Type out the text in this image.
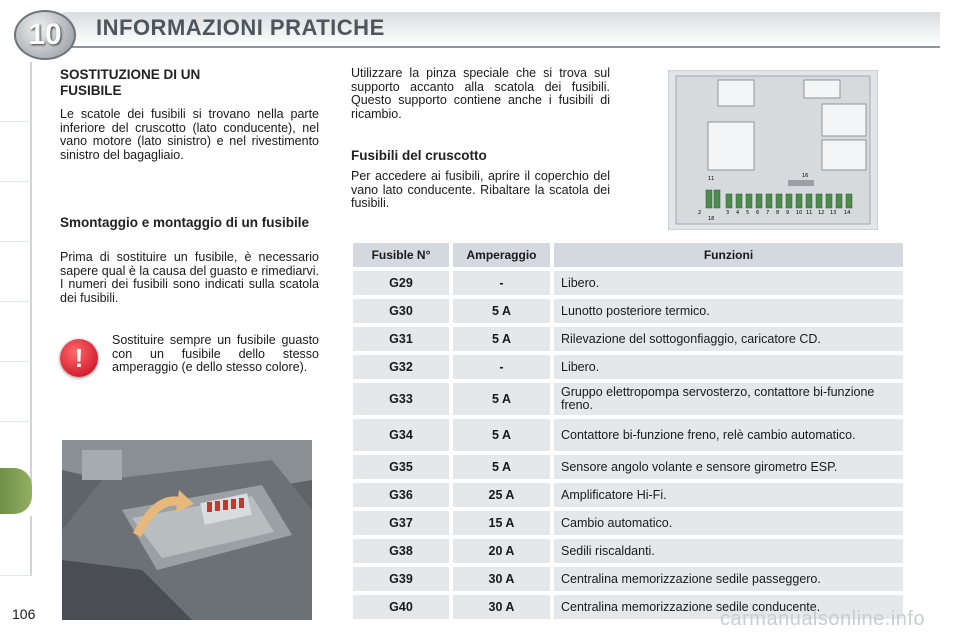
10	INFORMAZIONI PRATICHE
SOSTITUZIONE DI UN FUSIBILE
Le scatole dei fusibili si trovano nella parte inferiore del cruscotto (lato conducente), nel vano motore (lato sinistro) e nel rivestimento sinistro del bagagliaio.
Smontaggio e montaggio di un fusibile
Prima di sostituire un fusibile, è necessario sapere qual è la causa del guasto e rimediarvi. I numeri dei fusibili sono indicati sulla scatola dei fusibili.
!
Sostituire sempre un fusibile guasto con un fusibile dello stesso amperaggio (e dello stesso colore).
Utilizzare la pinza speciale che si trova sul supporto accanto alla scatola dei fusibili. Questo supporto contiene anche i fusibili di ricambio.
Fusibili del cruscotto
Per accedere ai fusibili, aprire il coperchio del vano lato conducente. Ribaltare la scatola dei fusibili.
11	16
18
2	3 4 5 6 7 8 9 10 11 12 13 14
Fusible N°	Amperaggio	Funzioni
G29	-	Libero.
G30	5 A	Lunotto posteriore termico.
G31	5 A	Rilevazione del sottogonfiaggio, caricatore CD.
G32	-	Libero.
G33	5 A	Gruppo elettropompa servosterzo, contattore bi-funzione freno.
G34	5 A	Contattore bi-funzione freno, relè cambio automatico.
G35	5 A	Sensore angolo volante e sensore girometro ESP.
G36	25 A	Amplificatore Hi-Fi.
G37	15 A	Cambio automatico.
G38	20 A	Sedili riscaldanti.
G39	30 A	Centralina memorizzazione sedile passeggero.
G40	30 A	Centralina memorizzazione sedile conducente.
106	carmanualsonline.info
